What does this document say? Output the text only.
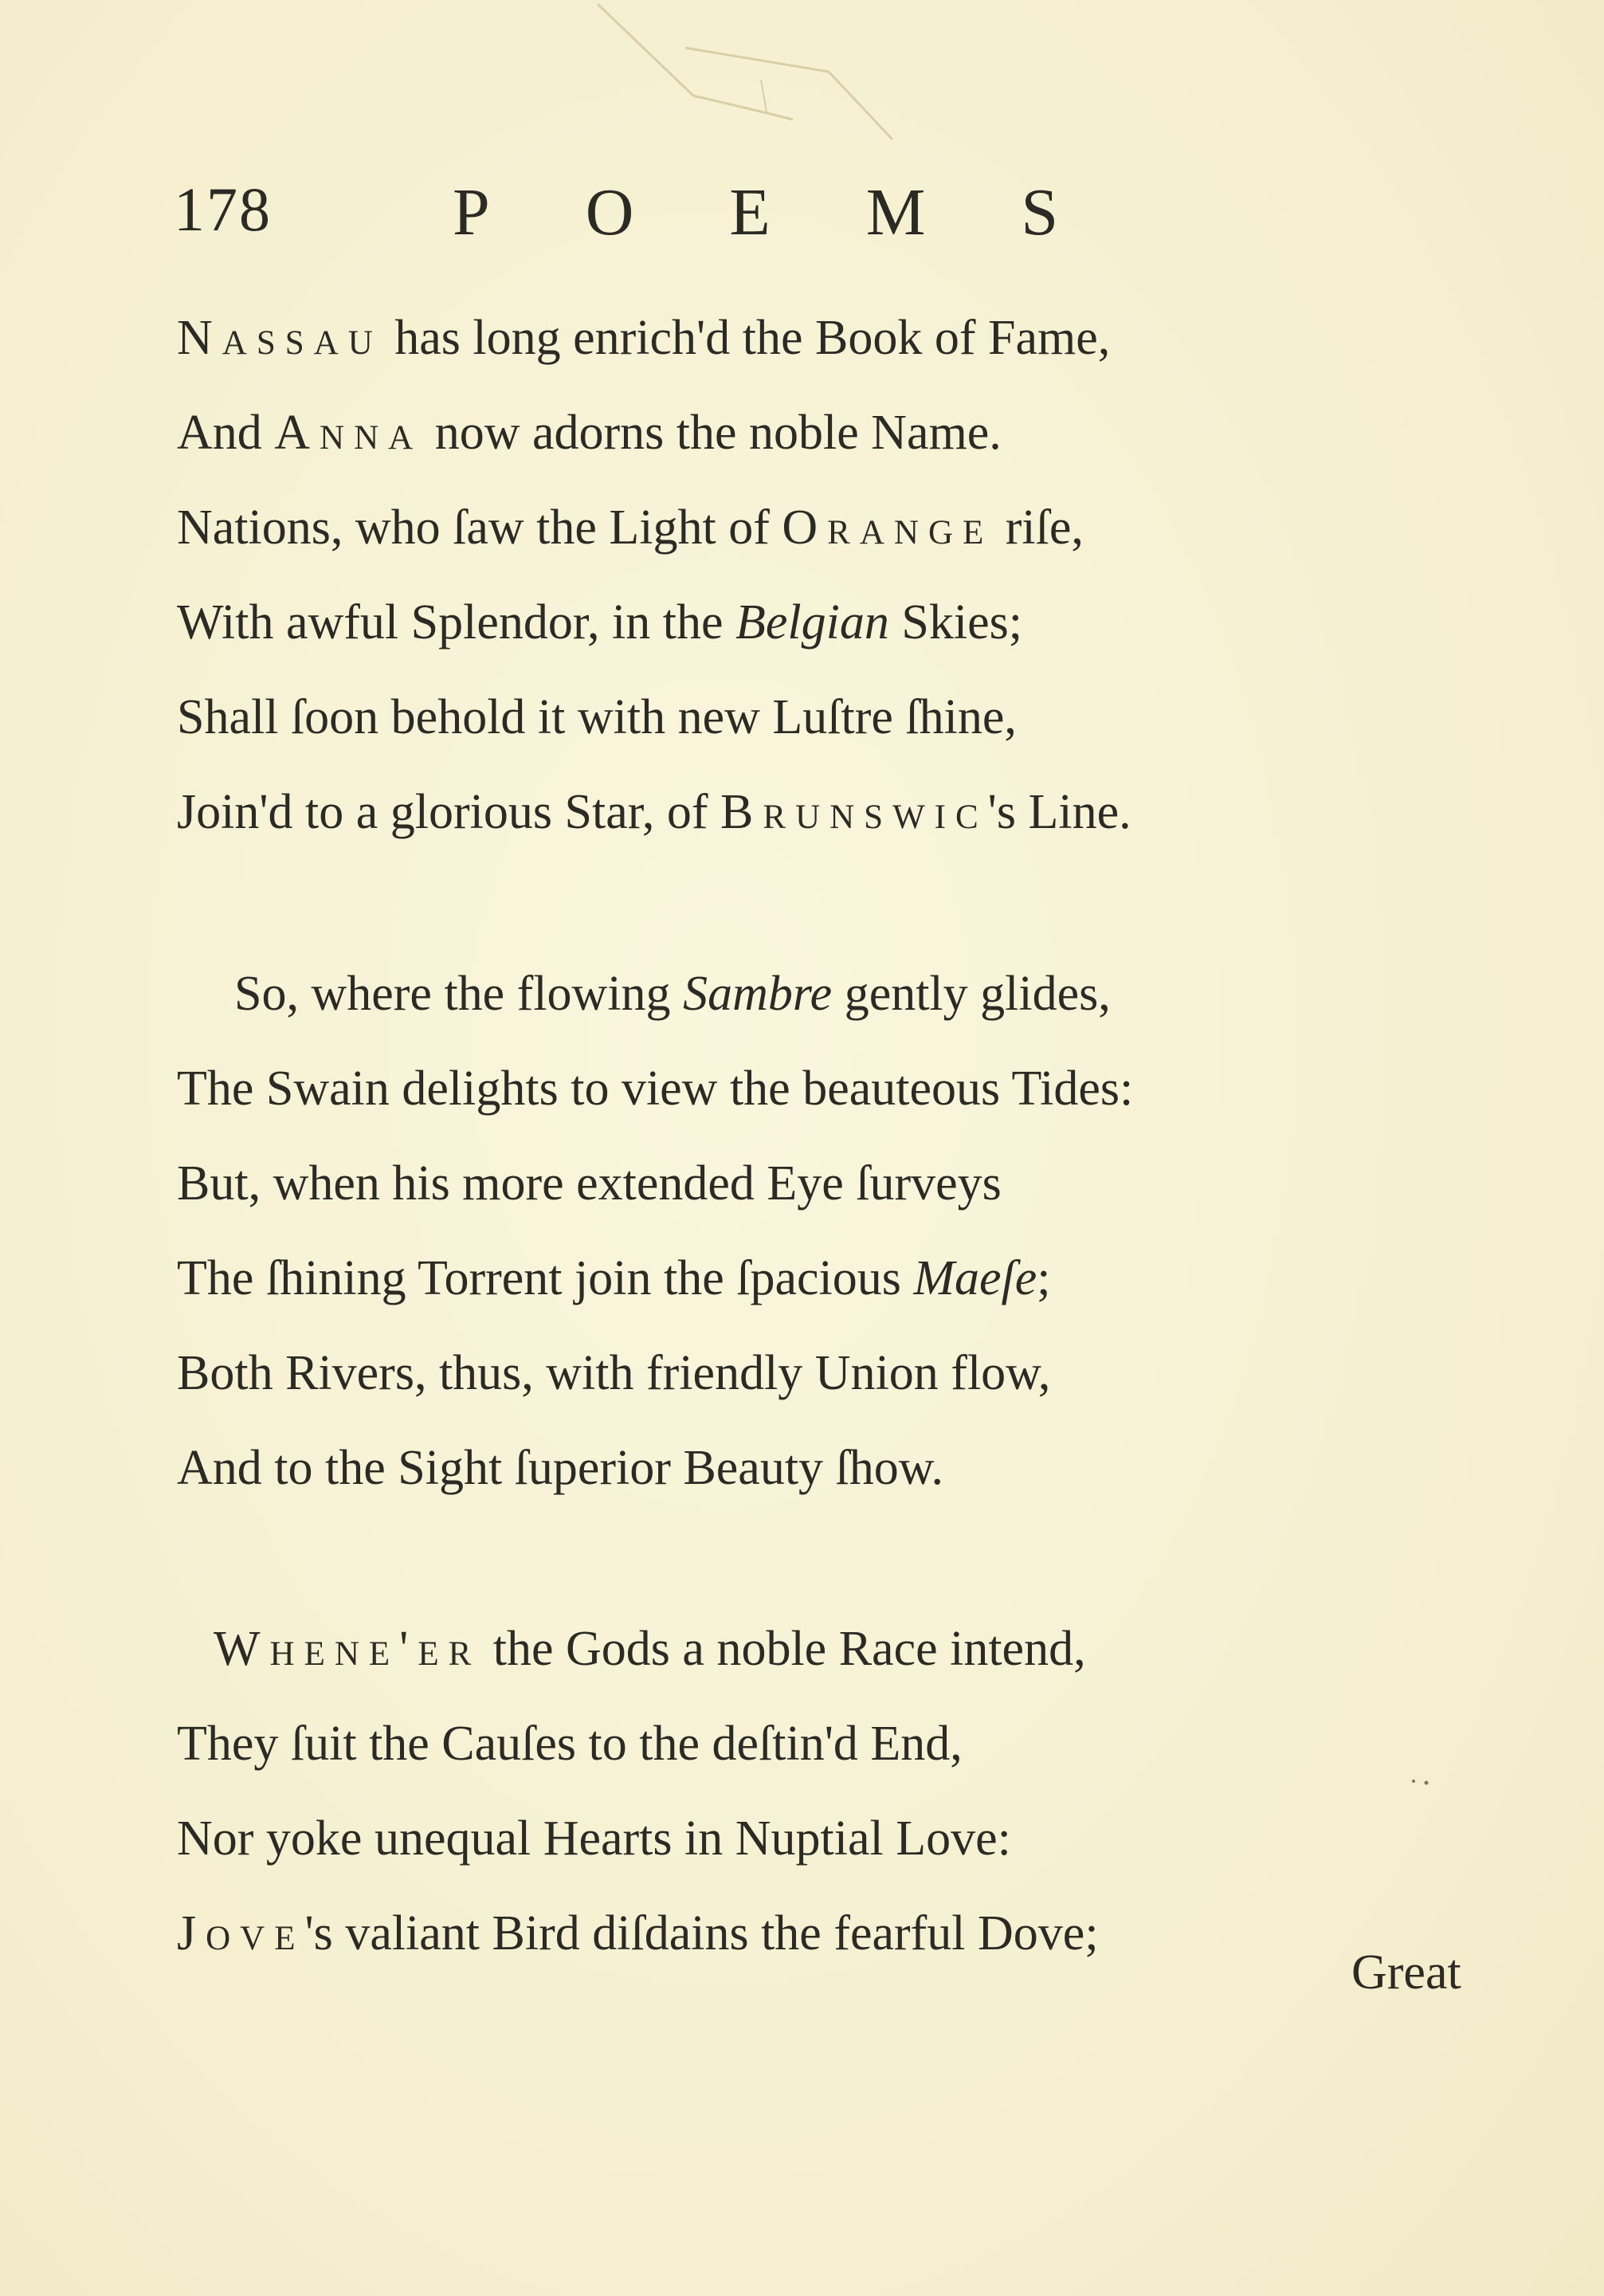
178	POEMS
Nassau has long enrich'd the Book of Fame,
And Anna now adorns the noble Name.
Nations, who ſaw the Light of Orange riſe,
With awful Splendor, in the Belgian Skies;
Shall ſoon behold it with new Luſtre ſhine,
Join'd to a glorious Star, of Brunswic's Line.
So, where the flowing Sambre gently glides,
The Swain delights to view the beauteous Tides:
But, when his more extended Eye ſurveys
The ſhining Torrent join the ſpacious Maeſe;
Both Rivers, thus, with friendly Union flow,
And to the Sight ſuperior Beauty ſhow.
Whene'er the Gods a noble Race intend,
They ſuit the Cauſes to the deſtin'd End,
Nor yoke unequal Hearts in Nuptial Love:
Jove's valiant Bird diſdains the fearful Dove;
Great
